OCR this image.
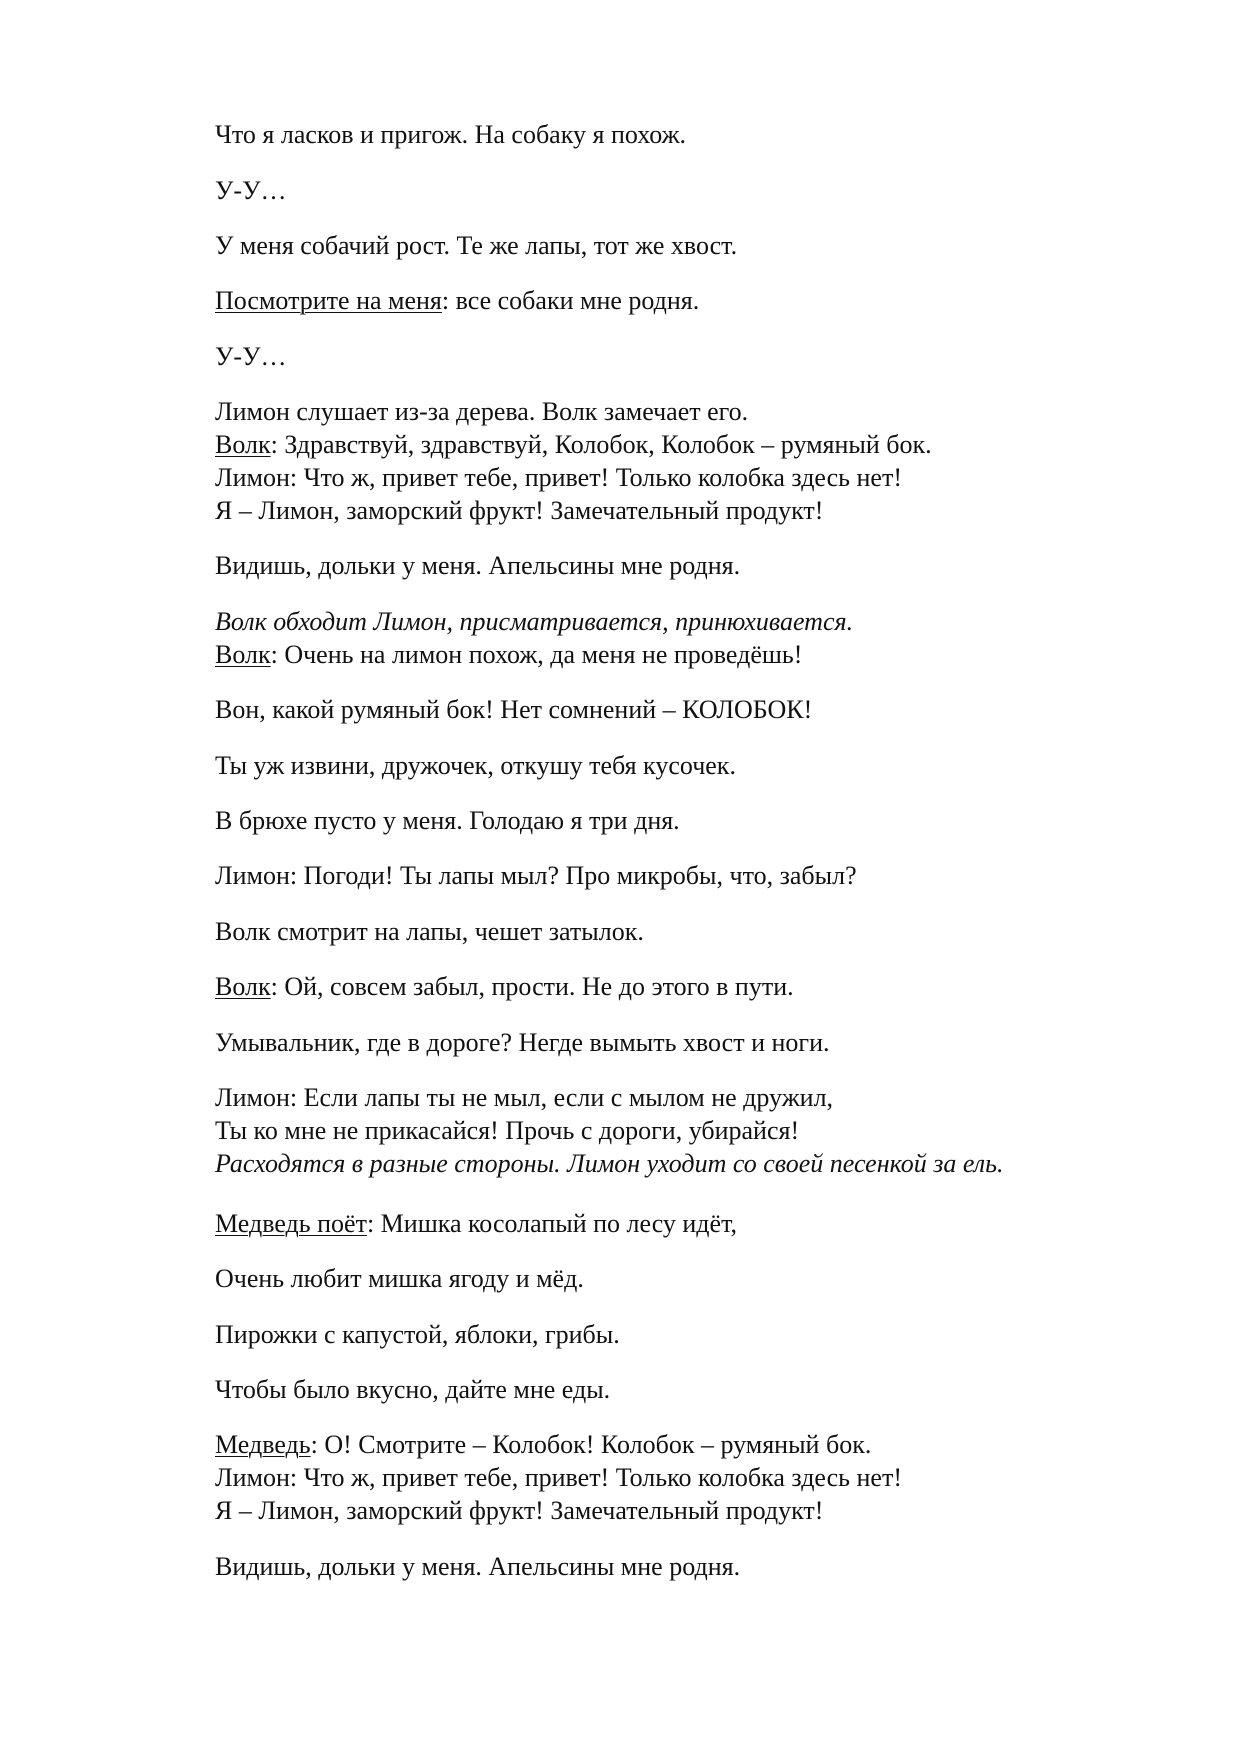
Что я ласков и пригож. На собаку я похож.

У-У…

У меня собачий рост. Те же лапы, тот же хвост.

Посмотрите на меня: все собаки мне родня.

У-У…

Лимон слушает из-за дерева. Волк замечает его.

Волк: Здравствуй, здравствуй, Колобок, Колобок – румяный бок.

Лимон: Что ж, привет тебе, привет! Только колобка здесь нет!

Я – Лимон, заморский фрукт! Замечательный продукт!

Видишь, дольки у меня. Апельсины мне родня.

Волк обходит Лимон, присматривается, принюхивается.

Волк: Очень на лимон похож, да меня не проведёшь!

Вон, какой румяный бок! Нет сомнений – КОЛОБОК!

Ты уж извини, дружочек, откушу тебя кусочек.

В брюхе пусто у меня. Голодаю я три дня.

Лимон: Погоди! Ты лапы мыл? Про микробы, что, забыл?

Волк смотрит на лапы, чешет затылок.

Волк: Ой, совсем забыл, прости. Не до этого в пути.

Умывальник, где в дороге? Негде вымыть хвост и ноги.

Лимон: Если лапы ты не мыл, если с мылом не дружил,

Ты ко мне не прикасайся! Прочь с дороги, убирайся!

Расходятся в разные стороны. Лимон уходит со своей песенкой за ель.

Медведь поёт: Мишка косолапый по лесу идёт,

Очень любит мишка ягоду и мёд.

Пирожки с капустой, яблоки, грибы.

Чтобы было вкусно, дайте мне еды.

Медведь: О! Смотрите – Колобок! Колобок – румяный бок.

Лимон: Что ж, привет тебе, привет! Только колобка здесь нет!

Я – Лимон, заморский фрукт! Замечательный продукт!

Видишь, дольки у меня. Апельсины мне родня.
